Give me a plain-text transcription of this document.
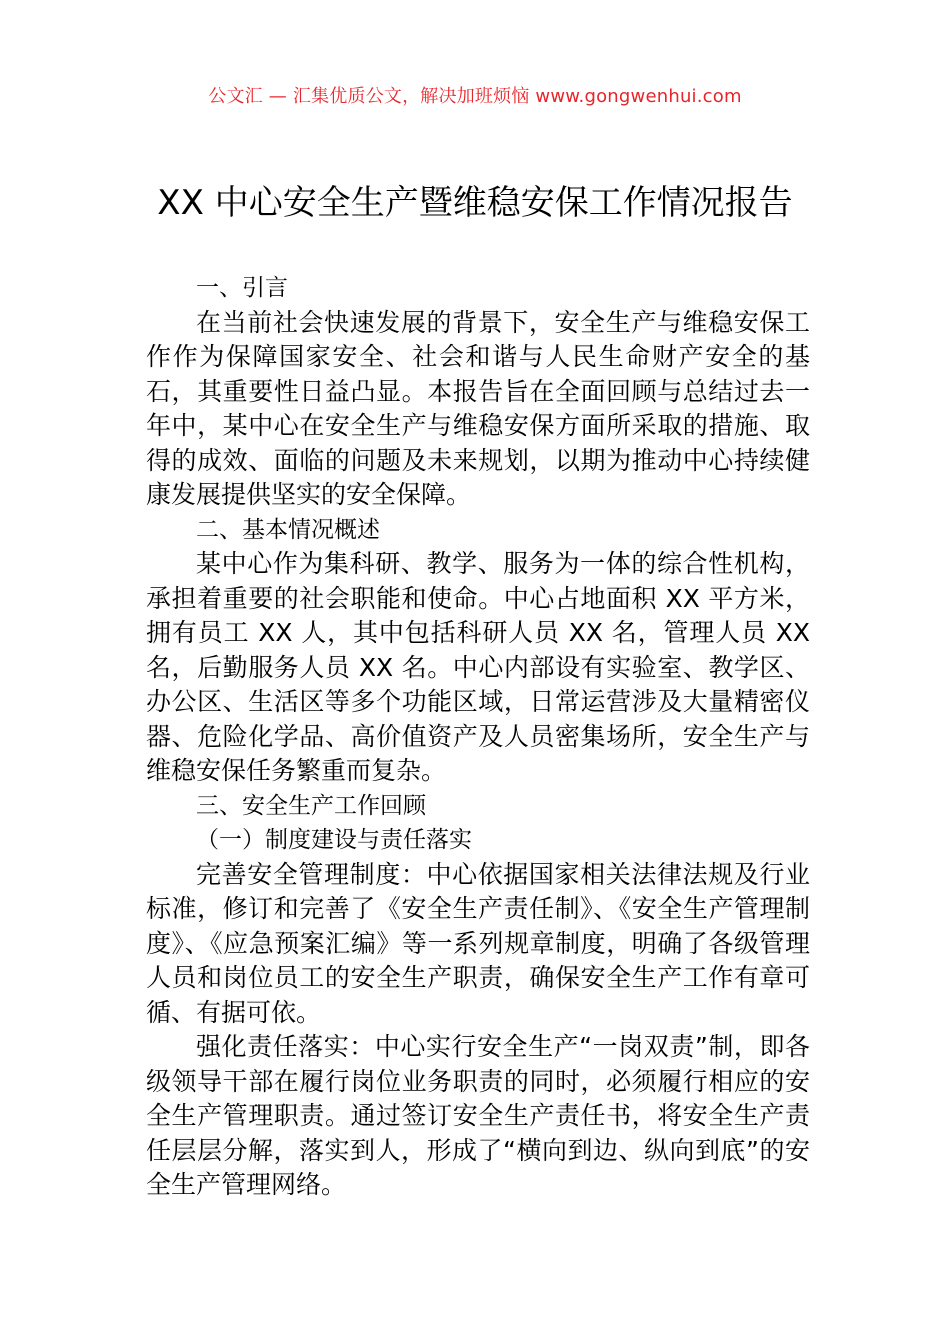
公文汇 — 汇集优质公文，解决加班烦恼 www.gongwenhui.com
XX 中心安全生产暨维稳安保工作情况报告

一、引言

在当前社会快速发展的背景下，安全生产与维稳安保工作作为保障国家安全、社会和谐与人民生命财产安全的基石，其重要性日益凸显。本报告旨在全面回顾与总结过去一年中，某中心在安全生产与维稳安保方面所采取的措施、取得的成效、面临的问题及未来规划，以期为推动中心持续健康发展提供坚实的安全保障。

二、基本情况概述

某中心作为集科研、教学、服务为一体的综合性机构，承担着重要的社会职能和使命。中心占地面积 XX 平方米，拥有员工 XX 人，其中包括科研人员 XX 名，管理人员 XX 名，后勤服务人员 XX 名。中心内部设有实验室、教学区、办公区、生活区等多个功能区域，日常运营涉及大量精密仪器、危险化学品、高价值资产及人员密集场所，安全生产与维稳安保任务繁重而复杂。

三、安全生产工作回顾

（一）制度建设与责任落实

完善安全管理制度：中心依据国家相关法律法规及行业标准，修订和完善了《安全生产责任制》、《安全生产管理制度》、《应急预案汇编》等一系列规章制度，明确了各级管理人员和岗位员工的安全生产职责，确保安全生产工作有章可循、有据可依。

强化责任落实：中心实行安全生产“一岗双责”制，即各级领导干部在履行岗位业务职责的同时，必须履行相应的安全生产管理职责。通过签订安全生产责任书，将安全生产责任层层分解，落实到人，形成了“横向到边、纵向到底”的安全生产管理网络。
